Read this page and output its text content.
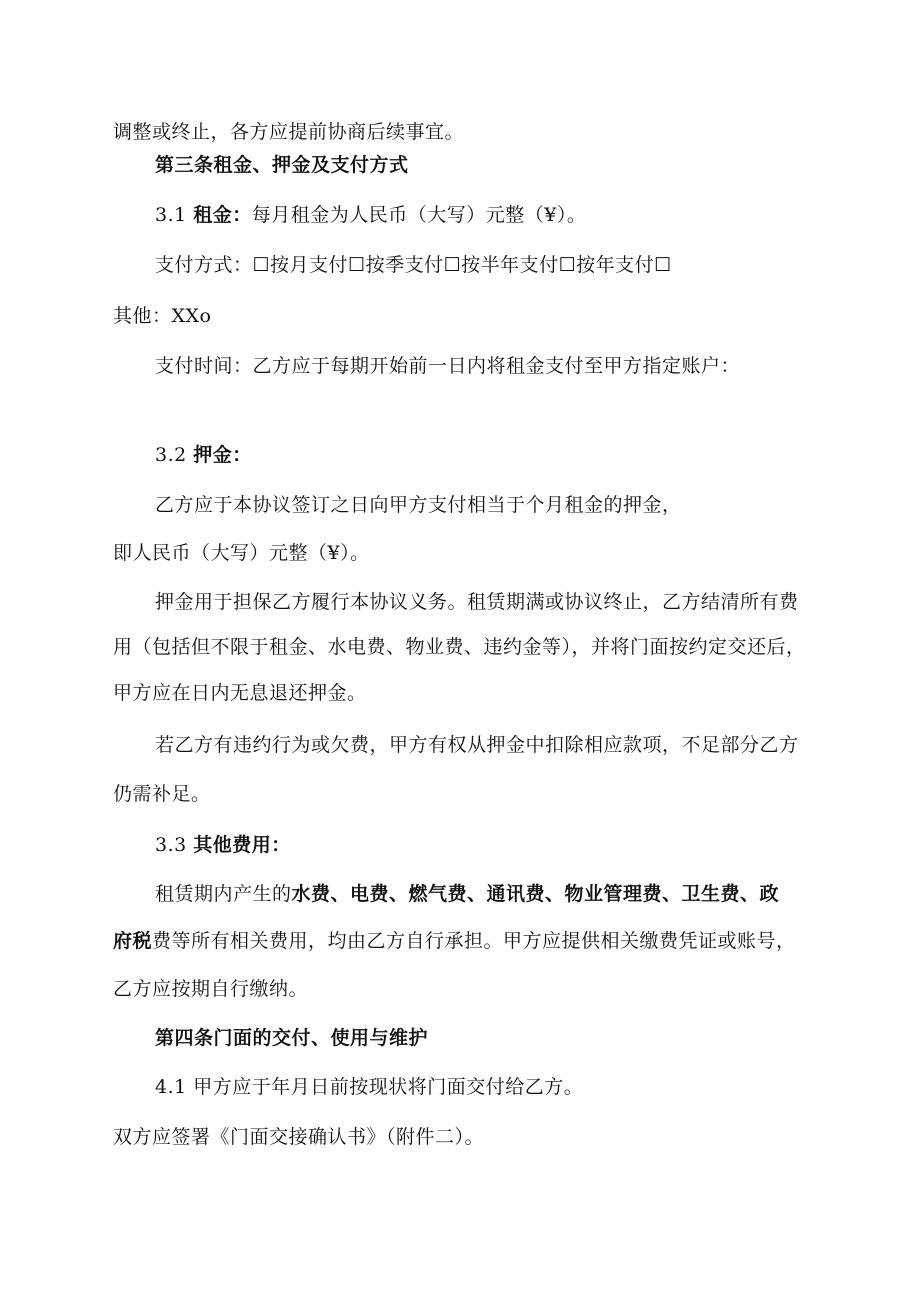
调整或终止，各方应提前协商后续事宜。
第三条租金、押金及支付方式
3.1 租金：每月租金为人民币（大写）元整（¥）。
支付方式：☐按月支付☐按季支付☐按半年支付☐按年支付☐
其他：XXo
支付时间：乙方应于每期开始前一日内将租金支付至甲方指定账户：
3.2 押金：
乙方应于本协议签订之日向甲方支付相当于个月租金的押金，
即人民币（大写）元整（¥）。
押金用于担保乙方履行本协议义务。租赁期满或协议终止，乙方结清所有费
用（包括但不限于租金、水电费、物业费、违约金等），并将门面按约定交还后，
甲方应在日内无息退还押金。
若乙方有违约行为或欠费，甲方有权从押金中扣除相应款项，不足部分乙方
仍需补足。
3.3 其他费用：
租赁期内产生的水费、电费、燃气费、通讯费、物业管理费、卫生费、政
府税费等所有相关费用，均由乙方自行承担。甲方应提供相关缴费凭证或账号，
乙方应按期自行缴纳。
第四条门面的交付、使用与维护
4.1 甲方应于年月日前按现状将门面交付给乙方。
双方应签署《门面交接确认书》（附件二）。
